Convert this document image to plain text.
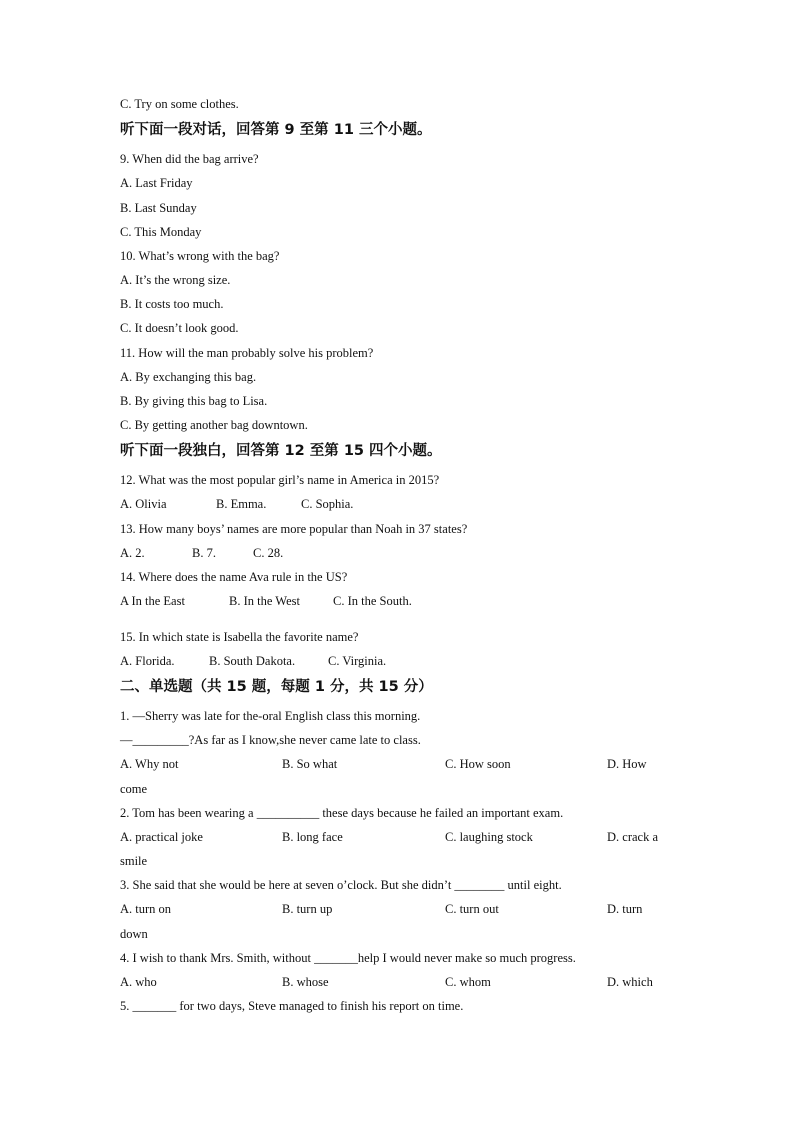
C. Try on some clothes.
听下面一段对话，回答第 9 至第 11 三个小题。
9. When did the bag arrive?
A. Last Friday
B. Last Sunday
C. This Monday
10. What’s wrong with the bag?
A. It’s the wrong size.
B. It costs too much.
C. It doesn’t look good.
11. How will the man probably solve his problem?
A. By exchanging this bag.
B. By giving this bag to Lisa.
C. By getting another bag downtown.
听下面一段独白，回答第 12 至第 15 四个小题。
12. What was the most popular girl’s name in America in 2015?
A. Olivia	B. Emma.	C. Sophia.
13. How many boys’ names are more popular than Noah in 37 states?
A. 2.	B. 7.	C. 28.
14. Where does the name Ava rule in the US?
A In the East	B. In the West	C. In the South.
15. In which state is Isabella the favorite name?
A. Florida.	B. South Dakota.	C. Virginia.
二、单选题（共 15 题，每题 1 分，共 15 分）
1. —Sherry was late for the-oral English class this morning.
—_________?As far as I know,she never came late to class.
A. Why not	B. So what	C. How soon	D. How
come
2. Tom has been wearing a __________ these days because he failed an important exam.
A. practical joke	B. long face	C. laughing stock	D. crack a
smile
3. She said that she would be here at seven o’clock. But she didn’t ________ until eight.
A. turn on	B. turn up	C. turn out	D. turn
down
4. I wish to thank Mrs. Smith, without _______help I would never make so much progress.
A. who	B. whose	C. whom	D. which
5. _______ for two days, Steve managed to finish his report on time.
